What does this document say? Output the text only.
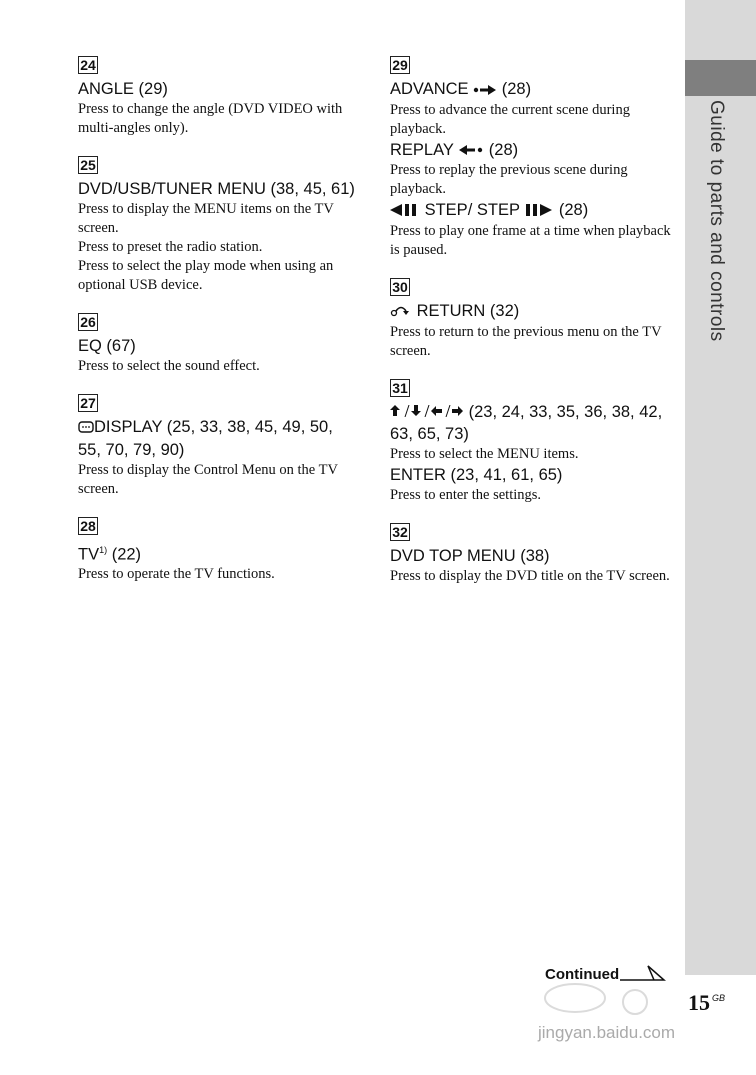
Guide to parts and controls
24

ANGLE (29)

Press to change the angle (DVD VIDEO with multi-angles only).

25

DVD/USB/TUNER MENU (38, 45, 61)

Press to display the MENU items on the TV screen.

Press to preset the radio station.

Press to select the play mode when using an optional USB device.

26

EQ (67)

Press to select the sound effect.

27

DISPLAY (25, 33, 38, 45, 49, 50, 55, 70, 79, 90)

Press to display the Control Menu on the TV screen.

28

TV$^{1)}$ (22)

Press to operate the TV functions.

29

ADVANCE (28)

Press to advance the current scene during playback.

REPLAY (28)

Press to replay the previous scene during playback.

STEP/ STEP (28)

Press to play one frame at a time when playback is paused.

30

RETURN (32)

Press to return to the previous menu on the TV screen.

31

(23, 24, 33, 35, 36, 38, 42, 63, 65, 73)

Press to select the MENU items.

ENTER (23, 41, 61, 65)

Press to enter the settings.

32

DVD TOP MENU (38)

Press to display the DVD title on the TV screen.

Continued
jingyan.baidu.com
15 GB
